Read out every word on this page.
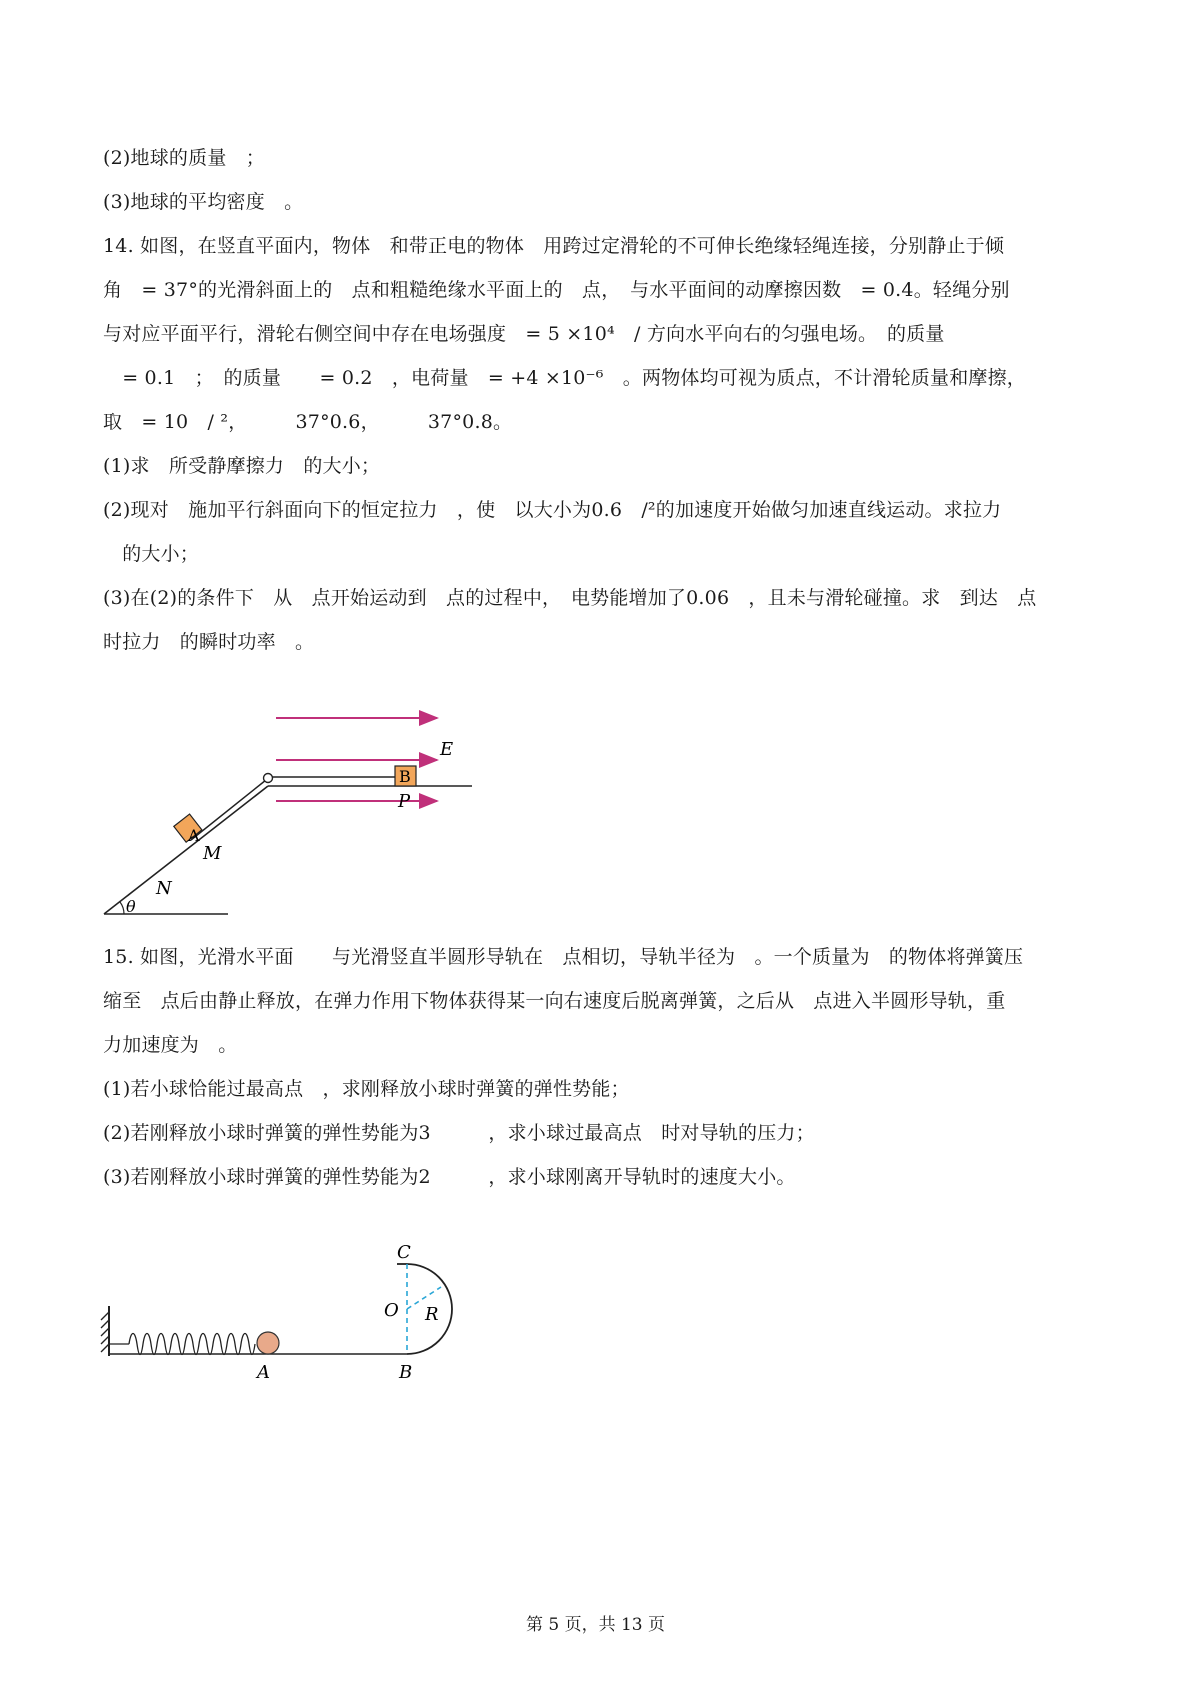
(2)地球的质量　；
(3)地球的平均密度　。
14. 如图，在竖直平面内，物体　和带正电的物体　用跨过定滑轮的不可伸长绝缘轻绳连接，分别静止于倾
角　= 37°的光滑斜面上的　点和粗糙绝缘水平面上的　点，　与水平面间的动摩擦因数　= 0.4。轻绳分别
与对应平面平行，滑轮右侧空间中存在电场强度　= 5 ×10⁴　/ 方向水平向右的匀强电场。　的质量
　= 0.1　；　的质量　　= 0.2　，电荷量　= +4 ×10⁻⁶　。两物体均可视为质点，不计滑轮质量和摩擦，
取　= 10　/ ²，　　　37°0.6，　　　37°0.8。
(1)求　所受静摩擦力　的大小；
(2)现对　施加平行斜面向下的恒定拉力　，使　以大小为0.6　/²的加速度开始做匀加速直线运动。求拉力
　的大小；
(3)在(2)的条件下　从　点开始运动到　点的过程中，　电势能增加了0.06　，且未与滑轮碰撞。求　到达　点
时拉力　的瞬时功率　。
B
A
E
P
M
N
θ
15. 如图，光滑水平面　　与光滑竖直半圆形导轨在　点相切，导轨半径为　。一个质量为　的物体将弹簧压
缩至　点后由静止释放，在弹力作用下物体获得某一向右速度后脱离弹簧，之后从　点进入半圆形导轨，重
力加速度为　。
(1)若小球恰能过最高点　，求刚释放小球时弹簧的弹性势能；
(2)若刚释放小球时弹簧的弹性势能为3　　　，求小球过最高点　时对导轨的压力；
(3)若刚释放小球时弹簧的弹性势能为2　　　，求小球刚离开导轨时的速度大小。
A
C
O R
B
第 5 页，共 13 页
